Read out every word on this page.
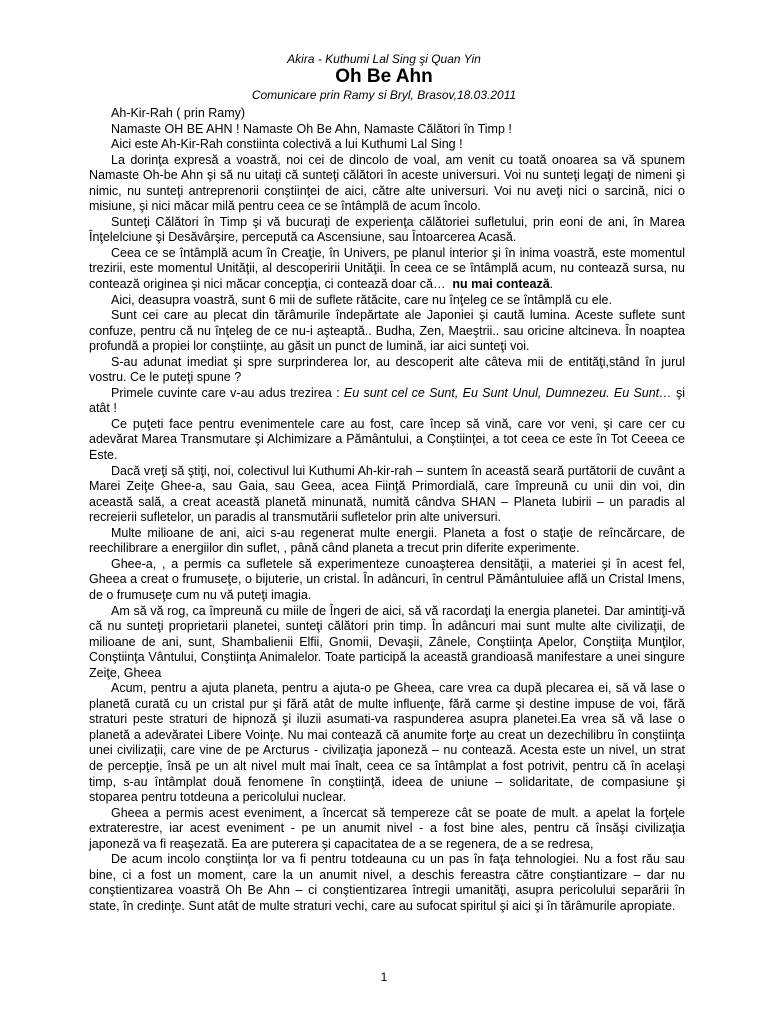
Akira - Kuthumi Lal Sing şi Quan Yin
Oh Be Ahn
Comunicare prin Ramy si Bryl, Brasov,18.03.2011

Ah-Kir-Rah ( prin Ramy)

Namaste OH BE AHN ! Namaste Oh Be Ahn, Namaste Călători în Timp !

Aici este Ah-Kir-Rah constiinta colectivǎ a lui Kuthumi Lal Sing !

La dorinţa expresă a voastră, noi cei de dincolo de voal, am venit cu toată onoarea sa vă spunem Namaste Oh-be Ahn şi să nu uitaţi că sunteţi călători în aceste universuri. Voi nu sunteţi legaţi de nimeni şi nimic, nu sunteţi antreprenorii conştiinţei de aici, către alte universuri. Voi nu aveţi nici o sarcină, nici o misiune, şi nici măcar milă pentru ceea ce se întâmplă de acum încolo.

Sunteţi Călători în Timp şi vă bucuraţi de experienţa călătoriei sufletului, prin eoni de ani, în Marea Înţelelciune şi Desăvârşire, percepută ca Ascensiune, sau Întoarcerea Acasă.

Ceea ce se întâmplă acum în Creaţie, în Univers, pe planul interior şi în inima voastră, este momentul trezirii, este momentul Unităţii, al descoperirii Unităţii. În ceea ce se întâmplă acum, nu contează sursa, nu contează originea şi nici măcar concepţia, ci contează doar că… nu mai contează.

Aici, deasupra voastră, sunt 6 mii de suflete rătăcite, care nu înţeleg ce se întâmplă cu ele.

Sunt cei care au plecat din tărâmurile îndepărtate ale Japoniei şi caută lumina. Aceste suflete sunt confuze, pentru că nu înţeleg de ce nu-i aşteaptă.. Budha, Zen, Maeştrii.. sau oricine altcineva. În noaptea profundă a propiei lor conştiinţe, au găsit un punct de lumină, iar aici sunteţi voi.

S-au adunat imediat şi spre surprinderea lor, au descoperit alte câteva mii de entităţi,stând în jurul vostru. Ce le puteţi spune ?

Primele cuvinte care v-au adus trezirea : Eu sunt cel ce Sunt, Eu Sunt Unul, Dumnezeu. Eu Sunt… şi atât !

Ce puţeti face pentru evenimentele care au fost, care încep să vină, care vor veni, şi care cer cu adevărat Marea Transmutare şi Alchimizare a Pământului, a Conştiinţei, a tot ceea ce este în Tot Ceeea ce Este.

Dacă vreţi să ştiţi, noi, colectivul lui Kuthumi Ah-kir-rah – suntem în această seară purtătorii de cuvânt a Marei Zeiţe Ghee-a, sau Gaia, sau Geea, acea Fiinţă Primordială, care împreună cu unii din voi, din această sală, a creat această planetă minunată, numită cândva SHAN – Planeta Iubirii – un paradis al recreierii sufletelor, un paradis al transmutării sufletelor prin alte universuri.

Multe milioane de ani, aici s-au regenerat multe energii. Planeta a fost o staţie de reîncărcare, de reechilibrare a energiilor din suflet, , până când planeta a trecut prin diferite experimente.

Ghee-a, , a permis ca sufletele să experimenteze cunoaşterea densităţii, a materiei şi în acest fel, Gheea a creat o frumuseţe, o bijuterie, un cristal. În adâncuri, în centrul Pământuluiee află un Cristal Imens, de o frumuseţe cum nu vă puteţi imagia.

Am să vă rog, ca împreună cu miile de Îngeri de aici, să vă racordaţi la energia planetei. Dar amintiţi-vă că nu sunteţi proprietarii planetei, sunteţi călători prin timp. În adâncuri mai sunt multe alte civilizaţii, de milioane de ani, sunt, Shambalienii Elfii, Gnomii, Devaşii, Zânele, Conştiinţa Apelor, Conştiiţa Munţilor, Conştiinţa Vântului, Conştiinţa Animalelor. Toate participă la această grandioasă manifestare a unei singure Zeiţe, Gheea

Acum, pentru a ajuta planeta, pentru a ajuta-o pe Gheea, care vrea ca după plecarea ei, să vă lase o planetă curată cu un cristal pur şi fără atât de multe influenţe, fără carme şi destine impuse de voi, fără straturi peste straturi de hipnoză şi iluzii asumati-va raspunderea asupra planetei.Ea vrea să vă lase o planetă a adevăratei Libere Voinţe. Nu mai contează că anumite forţe au creat un dezechilibru în conştiinţa unei civilizaţii, care vine de pe Arcturus - civilizaţia japoneză – nu contează. Acesta este un nivel, un strat de percepţie, însă pe un alt nivel mult mai înalt, ceea ce sa întâmplat a fost potrivit, pentru că în acelaşi timp, s-au întâmplat două fenomene în conştiinţă, ideea de uniune – solidaritate, de compasiune şi stoparea pentru totdeuna a pericolului nuclear.

Gheea a permis acest eveniment, a încercat să tempereze cât se poate de mult. a apelat la forţele extraterestre, iar acest eveniment - pe un anumit nivel - a fost bine ales, pentru că însăşi civilizaţia japoneză va fi reaşezată. Ea are puterera şi capacitatea de a se regenera, de a se redresa,

De acum incolo conştiinţa lor va fi pentru totdeauna cu un pas în faţa tehnologiei. Nu a fost rău sau bine, ci a fost un moment, care la un anumit nivel, a deschis fereastra către conştiantizare – dar nu conştientizarea voastră Oh Be Ahn – ci conştientizarea întregii umanităţi, asupra pericolului separării în state, în credinţe. Sunt atât de multe straturi vechi, care au sufocat spiritul şi aici şi în tărâmurile apropiate.

1
